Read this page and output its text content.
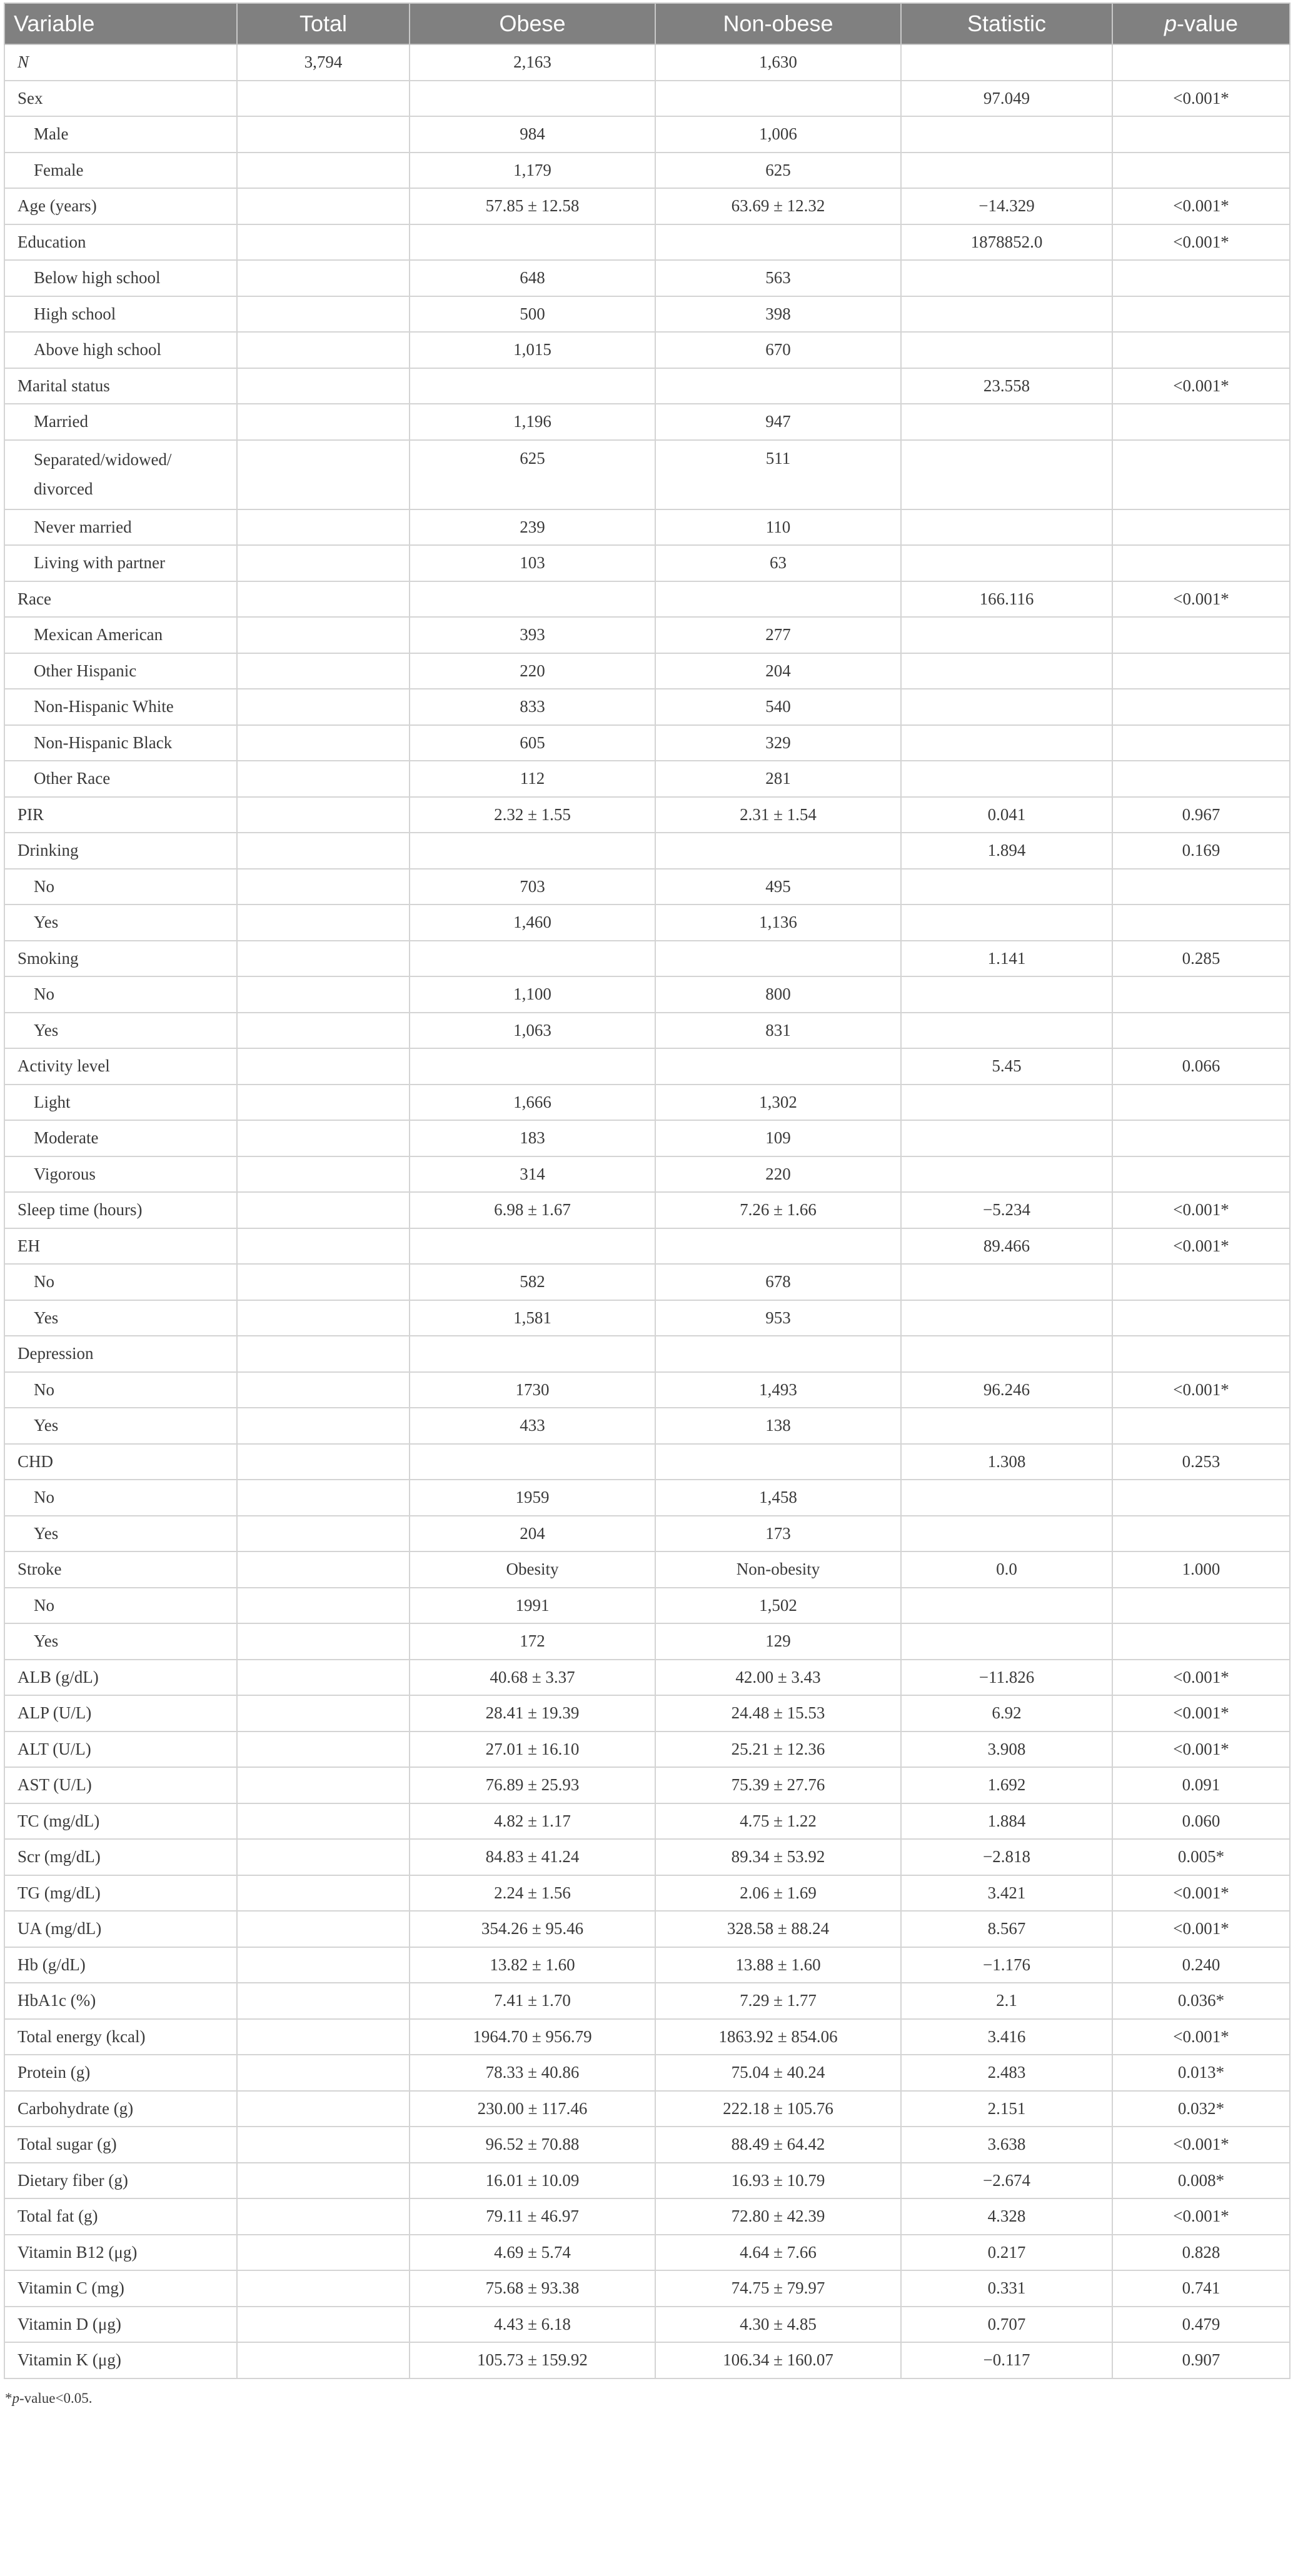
Variable	Total	Obese	Non-obese	Statistic	p-value
N	3,794	2,163	1,630		
Sex				97.049	<0.001*
Male		984	1,006		
Female		1,179	625		
Age (years)		57.85 ± 12.58	63.69 ± 12.32	−14.329	<0.001*
Education				1878852.0	<0.001*
Below high school		648	563		
High school		500	398		
Above high school		1,015	670		
Marital status				23.558	<0.001*
Married		1,196	947		
Separated/widowed/ divorced		625	511		
Never married		239	110		
Living with partner		103	63		
Race				166.116	<0.001*
Mexican American		393	277		
Other Hispanic		220	204		
Non-Hispanic White		833	540		
Non-Hispanic Black		605	329		
Other Race		112	281		
PIR		2.32 ± 1.55	2.31 ± 1.54	0.041	0.967
Drinking				1.894	0.169
No		703	495		
Yes		1,460	1,136		
Smoking				1.141	0.285
No		1,100	800		
Yes		1,063	831		
Activity level				5.45	0.066
Light		1,666	1,302		
Moderate		183	109		
Vigorous		314	220		
Sleep time (hours)		6.98 ± 1.67	7.26 ± 1.66	−5.234	<0.001*
EH				89.466	<0.001*
No		582	678		
Yes		1,581	953		
Depression					
No		1730	1,493	96.246	<0.001*
Yes		433	138		
CHD				1.308	0.253
No		1959	1,458		
Yes		204	173		
Stroke		Obesity	Non-obesity	0.0	1.000
No		1991	1,502		
Yes		172	129		
ALB (g/dL)		40.68 ± 3.37	42.00 ± 3.43	−11.826	<0.001*
ALP (U/L)		28.41 ± 19.39	24.48 ± 15.53	6.92	<0.001*
ALT (U/L)		27.01 ± 16.10	25.21 ± 12.36	3.908	<0.001*
AST (U/L)		76.89 ± 25.93	75.39 ± 27.76	1.692	0.091
TC (mg/dL)		4.82 ± 1.17	4.75 ± 1.22	1.884	0.060
Scr (mg/dL)		84.83 ± 41.24	89.34 ± 53.92	−2.818	0.005*
TG (mg/dL)		2.24 ± 1.56	2.06 ± 1.69	3.421	<0.001*
UA (mg/dL)		354.26 ± 95.46	328.58 ± 88.24	8.567	<0.001*
Hb (g/dL)		13.82 ± 1.60	13.88 ± 1.60	−1.176	0.240
HbA1c (%)		7.41 ± 1.70	7.29 ± 1.77	2.1	0.036*
Total energy (kcal)		1964.70 ± 956.79	1863.92 ± 854.06	3.416	<0.001*
Protein (g)		78.33 ± 40.86	75.04 ± 40.24	2.483	0.013*
Carbohydrate (g)		230.00 ± 117.46	222.18 ± 105.76	2.151	0.032*
Total sugar (g)		96.52 ± 70.88	88.49 ± 64.42	3.638	<0.001*
Dietary fiber (g)		16.01 ± 10.09	16.93 ± 10.79	−2.674	0.008*
Total fat (g)		79.11 ± 46.97	72.80 ± 42.39	4.328	<0.001*
Vitamin B12 (μg)		4.69 ± 5.74	4.64 ± 7.66	0.217	0.828
Vitamin C (mg)		75.68 ± 93.38	74.75 ± 79.97	0.331	0.741
Vitamin D (μg)		4.43 ± 6.18	4.30 ± 4.85	0.707	0.479
Vitamin K (μg)		105.73 ± 159.92	106.34 ± 160.07	−0.117	0.907
*p-value<0.05.
